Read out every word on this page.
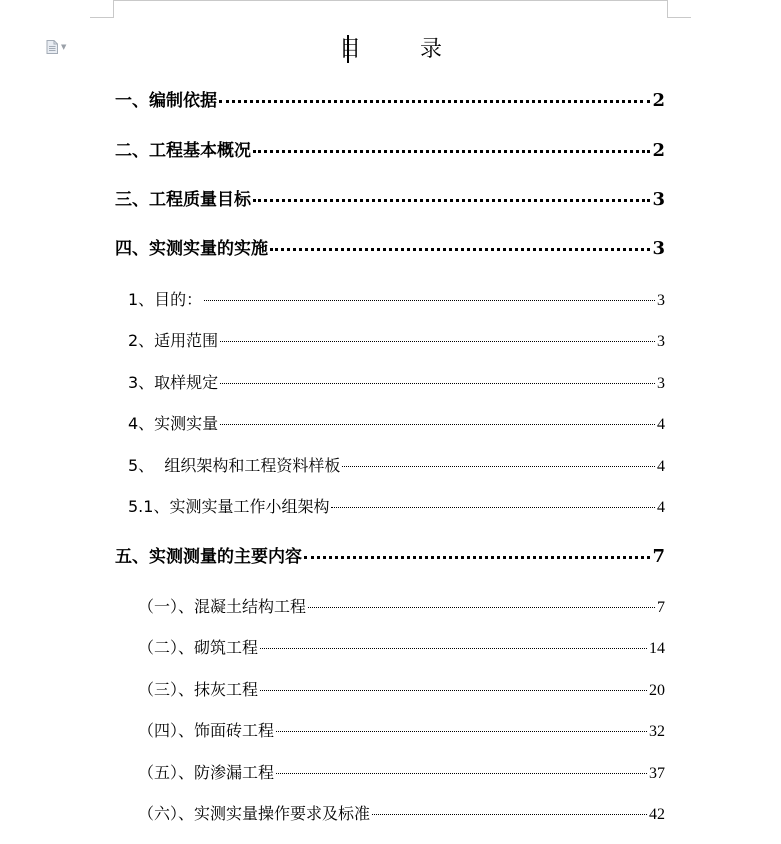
▼	目 录
一、编制依据	2
二、工程基本概况	2
三、工程质量目标	3
四、实测实量的实施	3
1、目的：	3
2、适用范围	3
3、取样规定	3
4、实测实量	4
5、  组织架构和工程资料样板	4
5.1、实测实量工作小组架构	4
五、实测测量的主要内容	7
（一）、混凝土结构工程	7
（二）、砌筑工程	14
（三）、抹灰工程	20
（四）、饰面砖工程	32
（五）、防渗漏工程	37
（六）、实测实量操作要求及标准	42
